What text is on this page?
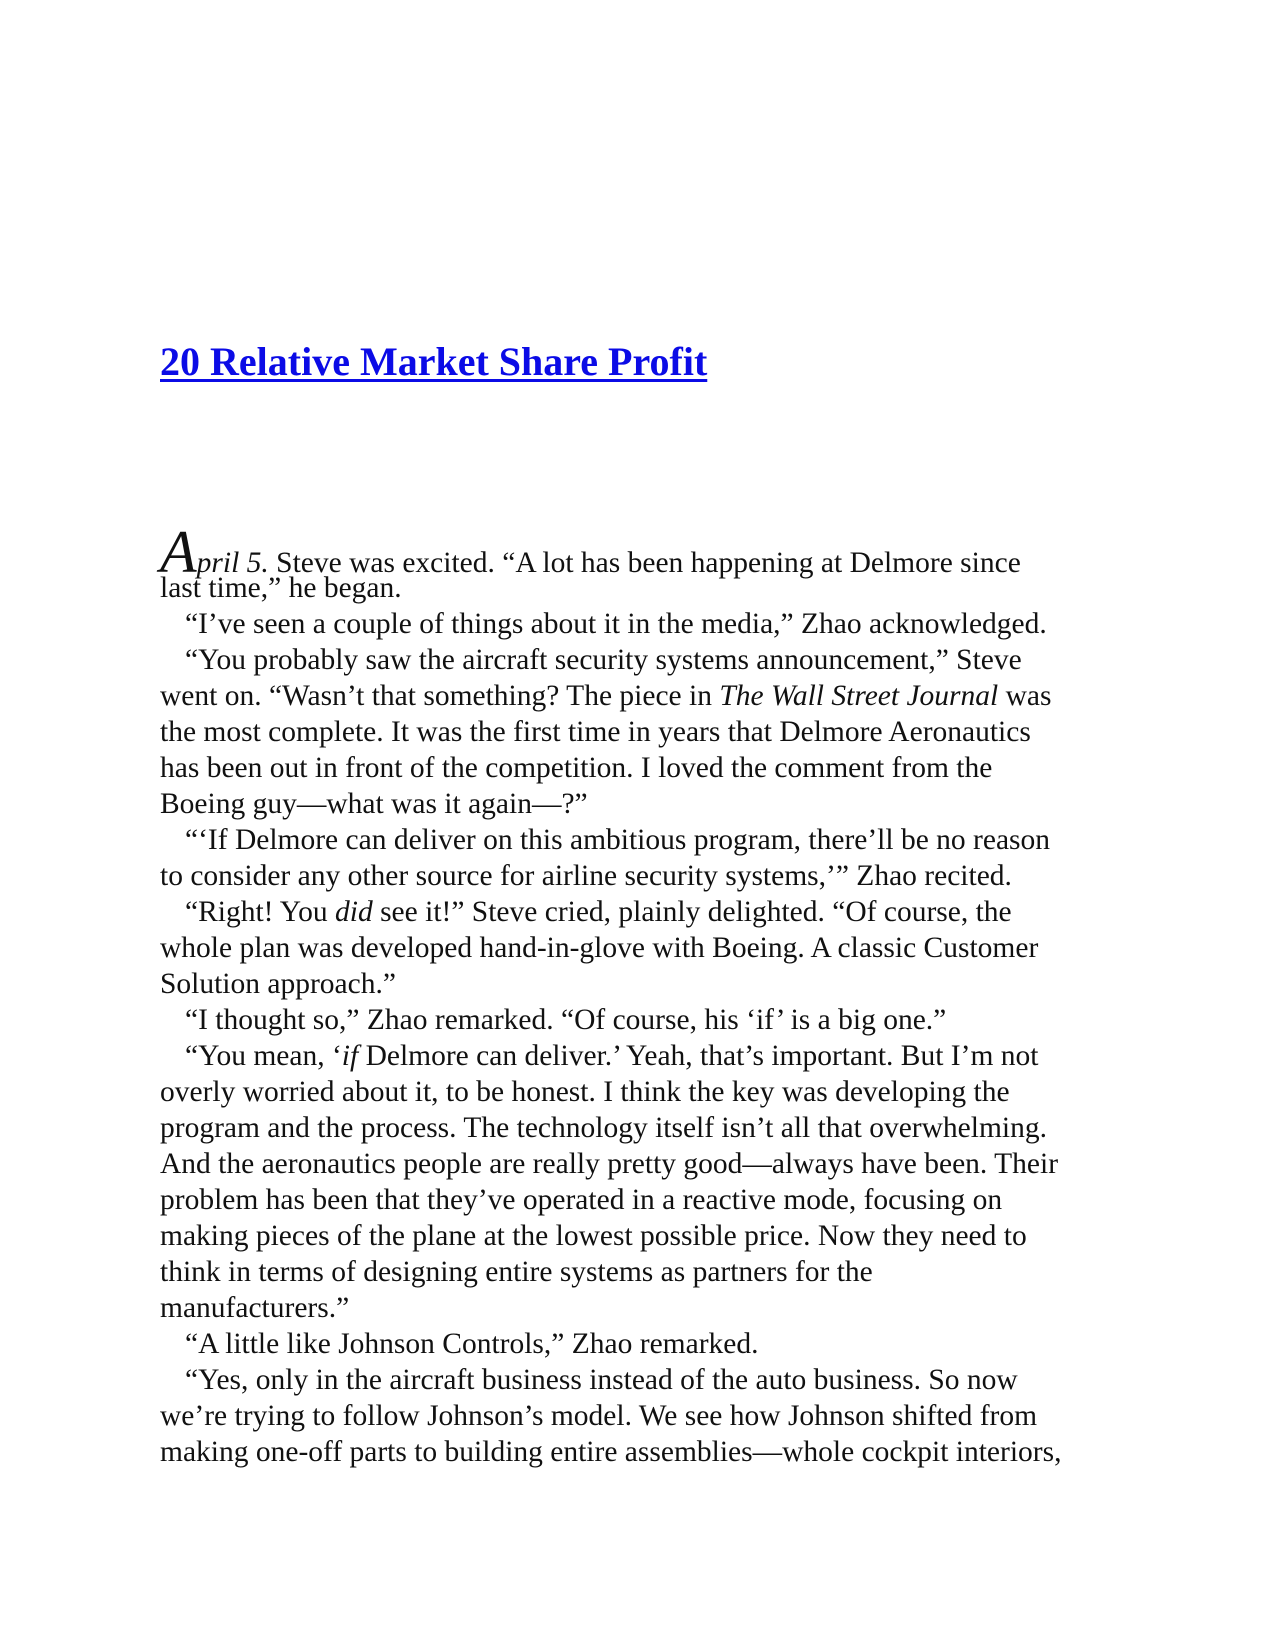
20 Relative Market Share Profit
April 5. Steve was excited. “A lot has been happening at Delmore since
last time,” he began.
“I’ve seen a couple of things about it in the media,” Zhao acknowledged.
“You probably saw the aircraft security systems announcement,” Steve
went on. “Wasn’t that something? The piece in The Wall Street Journal was
the most complete. It was the first time in years that Delmore Aeronautics
has been out in front of the competition. I loved the comment from the
Boeing guy—what was it again—?”
“‘If Delmore can deliver on this ambitious program, there’ll be no reason
to consider any other source for airline security systems,’” Zhao recited.
“Right! You did see it!” Steve cried, plainly delighted. “Of course, the
whole plan was developed hand-in-glove with Boeing. A classic Customer
Solution approach.”
“I thought so,” Zhao remarked. “Of course, his ‘if’ is a big one.”
“You mean, ‘if Delmore can deliver.’ Yeah, that’s important. But I’m not
overly worried about it, to be honest. I think the key was developing the
program and the process. The technology itself isn’t all that overwhelming.
And the aeronautics people are really pretty good—always have been. Their
problem has been that they’ve operated in a reactive mode, focusing on
making pieces of the plane at the lowest possible price. Now they need to
think in terms of designing entire systems as partners for the
manufacturers.”
“A little like Johnson Controls,” Zhao remarked.
“Yes, only in the aircraft business instead of the auto business. So now
we’re trying to follow Johnson’s model. We see how Johnson shifted from
making one-off parts to building entire assemblies—whole cockpit interiors,
